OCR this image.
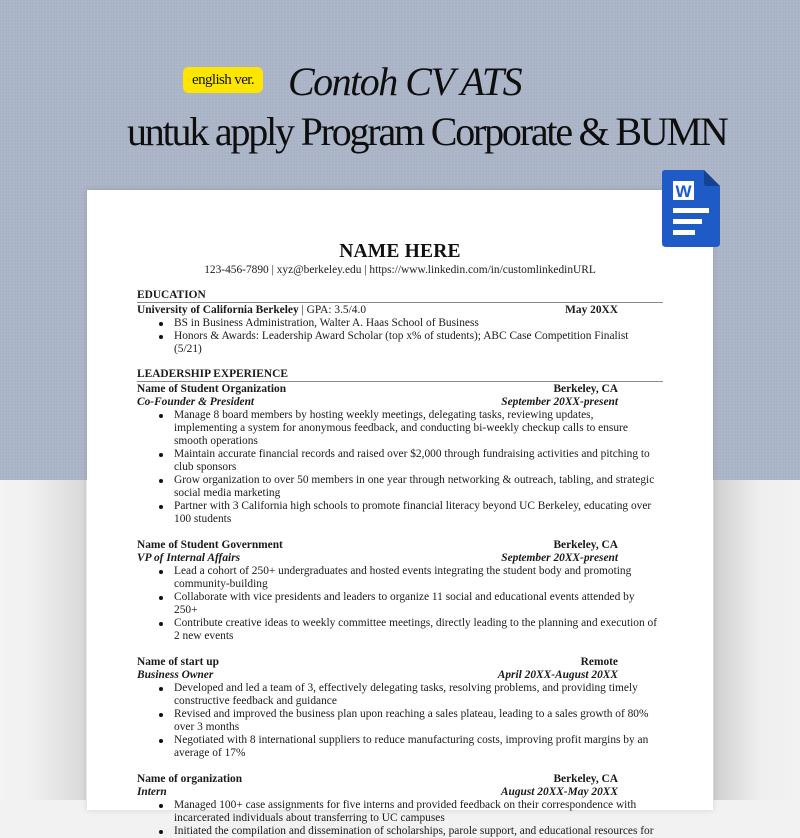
english ver. Contoh CV ATS
untuk apply Program Corporate & BUMN
W
NAME HERE
123-456-7890 | xyz@berkeley.edu | https://www.linkedin.com/in/customlinkedinURL
EDUCATION
University of California Berkeley | GPA: 3.5/4.0	May 20XX
BS in Business Administration, Walter A. Haas School of Business
Honors & Awards: Leadership Award Scholar (top x% of students); ABC Case Competition Finalist (5/21)
LEADERSHIP EXPERIENCE
Name of Student Organization	Berkeley, CA
Co-Founder & President	September 20XX-present
Manage 8 board members by hosting weekly meetings, delegating tasks, reviewing updates, implementing a system for anonymous feedback, and conducting bi-weekly checkup calls to ensure smooth operations
Maintain accurate financial records and raised over $2,000 through fundraising activities and pitching to club sponsors
Grow organization to over 50 members in one year through networking & outreach, tabling, and strategic social media marketing
Partner with 3 California high schools to promote financial literacy beyond UC Berkeley, educating over 100 students
Name of Student Government	Berkeley, CA
VP of Internal Affairs	September 20XX-present
Lead a cohort of 250+ undergraduates and hosted events integrating the student body and promoting community-building
Collaborate with vice presidents and leaders to organize 11 social and educational events attended by 250+
Contribute creative ideas to weekly committee meetings, directly leading to the planning and execution of 2 new events
Name of start up	Remote
Business Owner	April 20XX-August 20XX
Developed and led a team of 3, effectively delegating tasks, resolving problems, and providing timely constructive feedback and guidance
Revised and improved the business plan upon reaching a sales plateau, leading to a sales growth of 80% over 3 months
Negotiated with 8 international suppliers to reduce manufacturing costs, improving profit margins by an average of 17%
Name of organization	Berkeley, CA
Intern	August 20XX-May 20XX
Managed 100+ case assignments for five interns and provided feedback on their correspondence with incarcerated individuals about transferring to UC campuses
Initiated the compilation and dissemination of scholarships, parole support, and educational resources for
